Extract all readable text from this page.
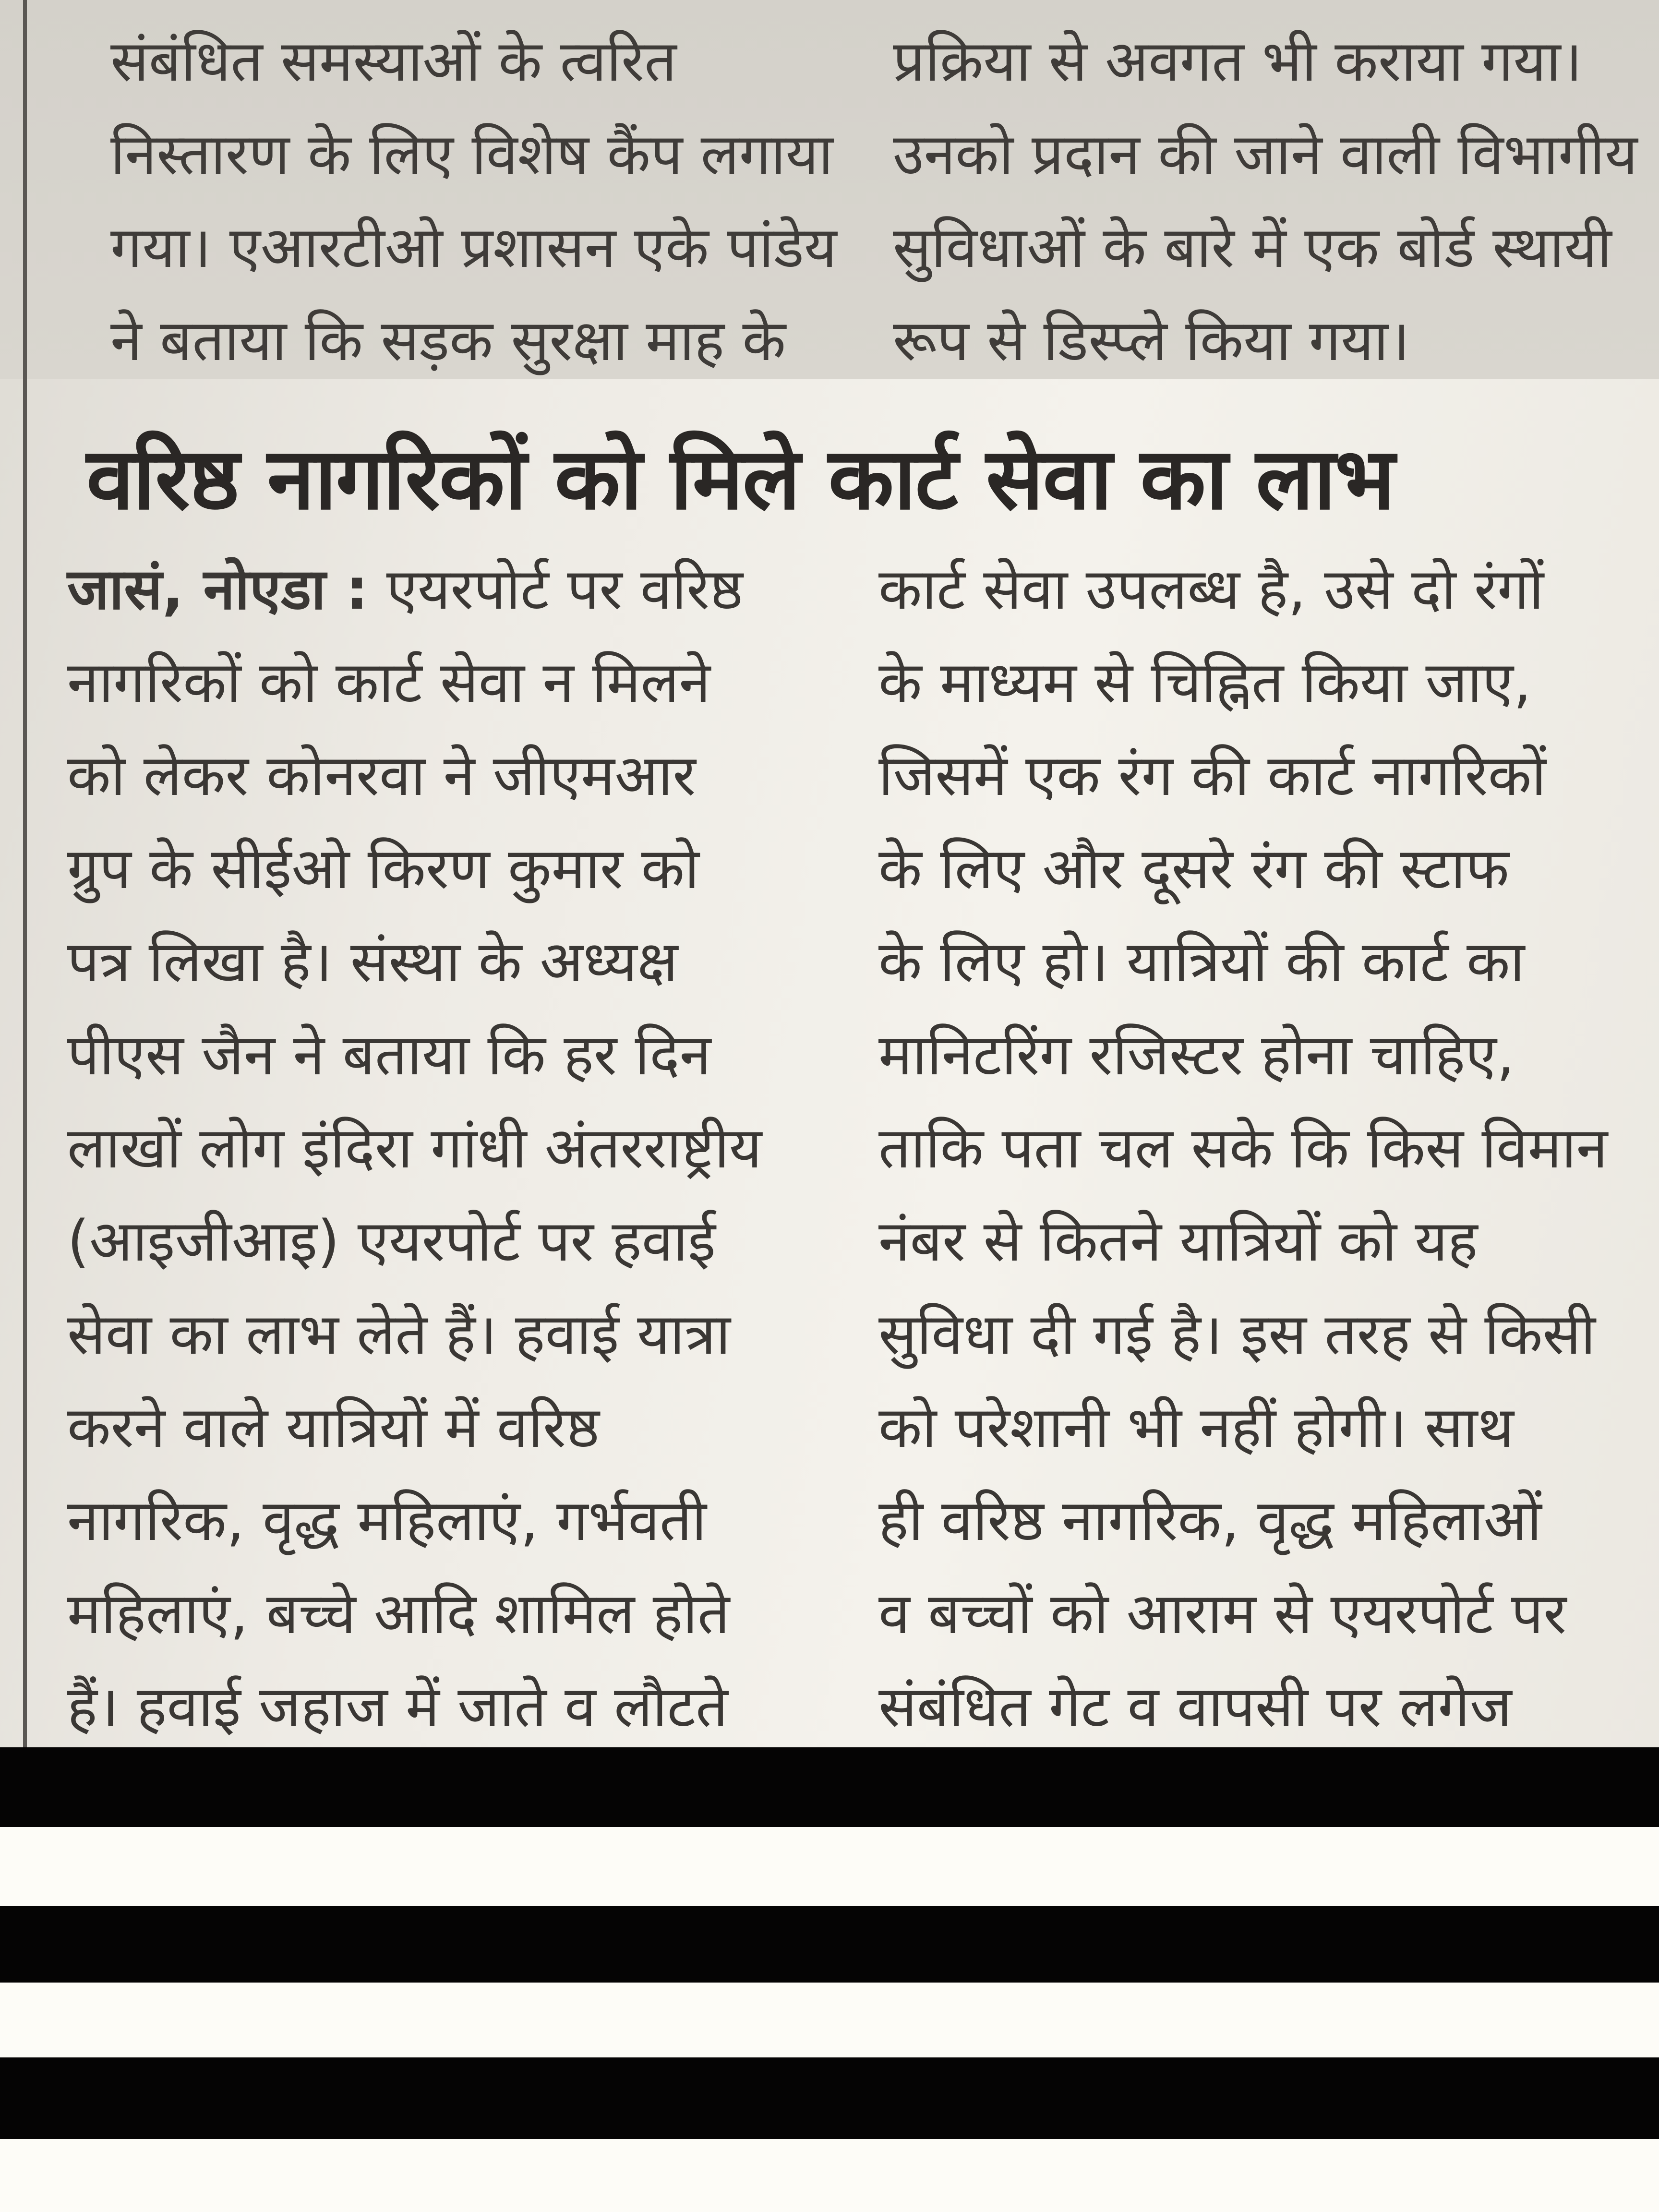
संबंधित समस्याओं के त्वरित
निस्तारण के लिए विशेष कैंप लगाया
गया। एआरटीओ प्रशासन एके पांडेय
ने बताया कि सड़क सुरक्षा माह के
प्रक्रिया से अवगत भी कराया गया।
उनको प्रदान की जाने वाली विभागीय
सुविधाओं के बारे में एक बोर्ड स्थायी
रूप से डिस्प्ले किया गया।
वरिष्ठ नागरिकों को मिले कार्ट सेवा का लाभ
जासं, नोएडा : एयरपोर्ट पर वरिष्ठ
नागरिकों को कार्ट सेवा न मिलने
को लेकर कोनरवा ने जीएमआर
ग्रुप के सीईओ किरण कुमार को
पत्र लिखा है। संस्था के अध्यक्ष
पीएस जैन ने बताया कि हर दिन
लाखों लोग इंदिरा गांधी अंतरराष्ट्रीय
(आइजीआइ) एयरपोर्ट पर हवाई
सेवा का लाभ लेते हैं। हवाई यात्रा
करने वाले यात्रियों में वरिष्ठ
नागरिक, वृद्ध महिलाएं, गर्भवती
महिलाएं, बच्चे आदि शामिल होते
हैं। हवाई जहाज में जाते व लौटते
कार्ट सेवा उपलब्ध है, उसे दो रंगों
के माध्यम से चिह्नित किया जाए,
जिसमें एक रंग की कार्ट नागरिकों
के लिए और दूसरे रंग की स्टाफ
के लिए हो। यात्रियों की कार्ट का
मानिटरिंग रजिस्टर होना चाहिए,
ताकि पता चल सके कि किस विमान
नंबर से कितने यात्रियों को यह
सुविधा दी गई है। इस तरह से किसी
को परेशानी भी नहीं होगी। साथ
ही वरिष्ठ नागरिक, वृद्ध महिलाओं
व बच्चों को आराम से एयरपोर्ट पर
संबंधित गेट व वापसी पर लगेज
